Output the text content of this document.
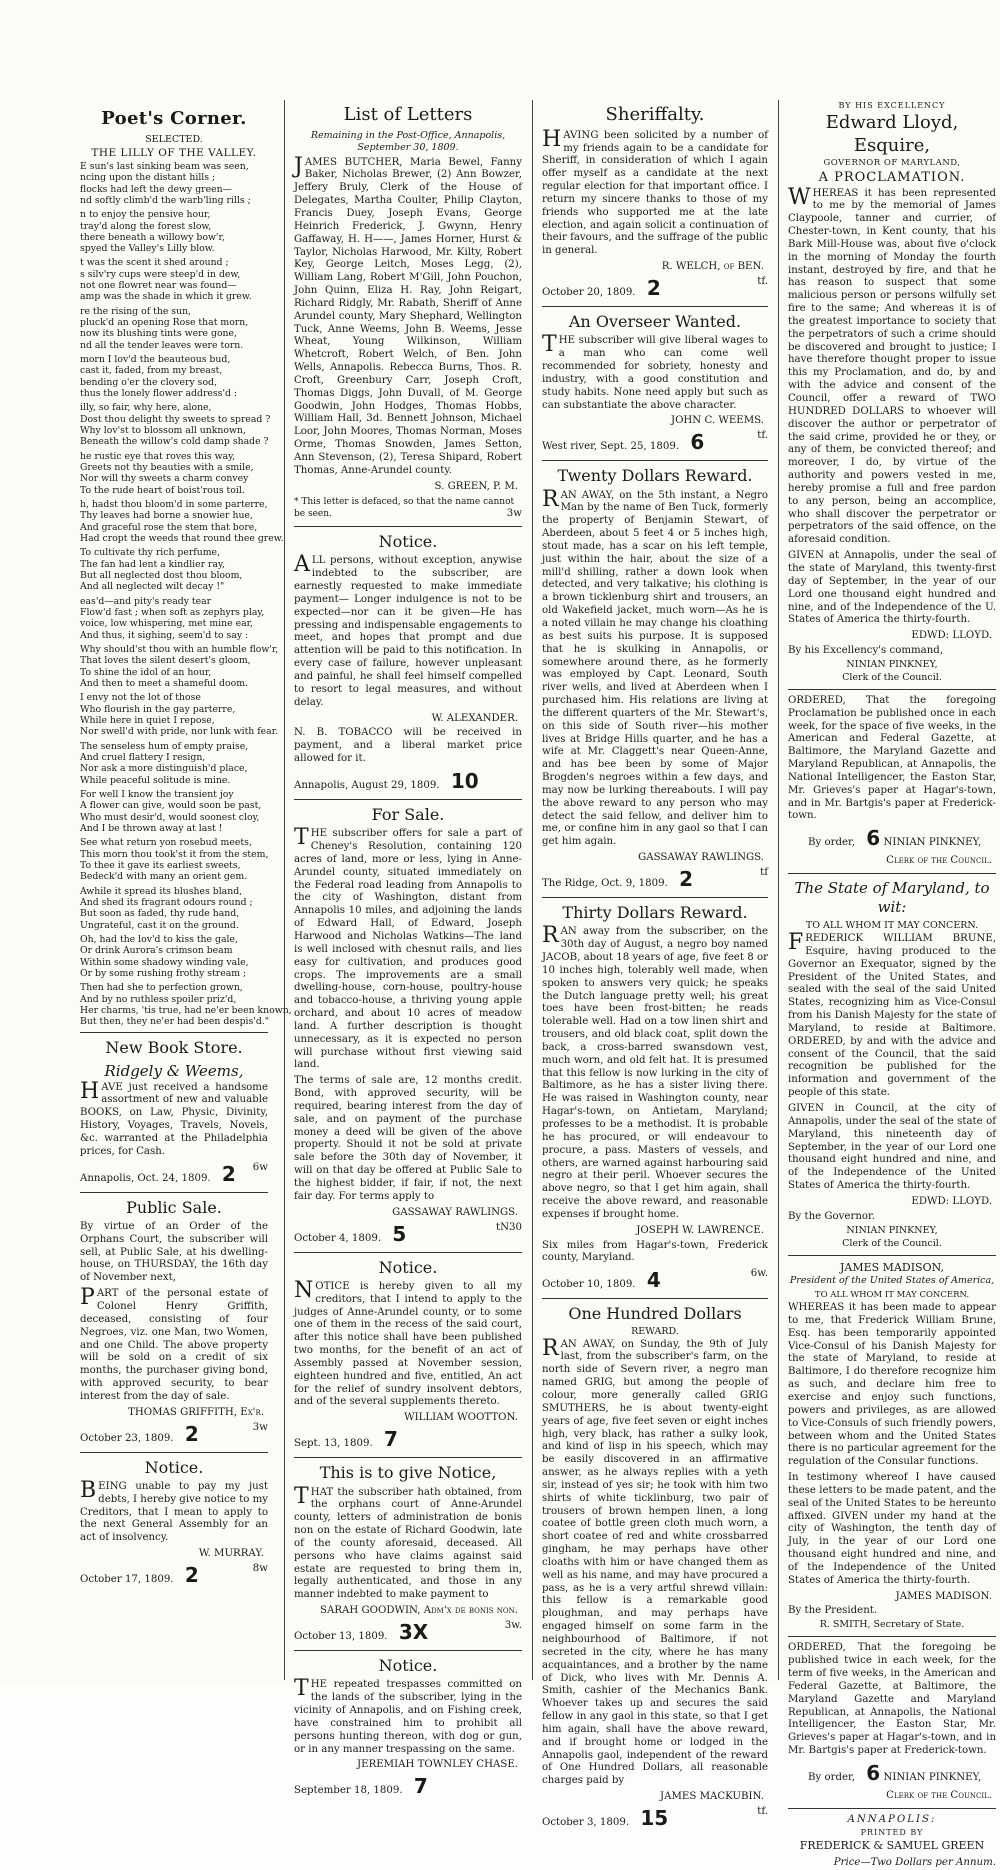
Poet's Corner.
SELECTED.
THE LILLY OF THE VALLEY.
E sun's last sinking beam was seen,
ncing upon the distant hills ;
flocks had left the dewy green—
nd softly climb'd the warb'ling rills ;

n to enjoy the pensive hour,
tray'd along the forest slow,
there beneath a willowy bow'r,
spyed the Valley's Lilly blow.

t was the scent it shed around ;
s silv'ry cups were steep'd in dew,
not one flowret near was found—
amp was the shade in which it grew.

re the rising of the sun,
pluck'd an opening Rose that morn,
now its blushing tints were gone,
nd all the tender leaves were torn.

morn I lov'd the beauteous bud,
cast it, faded, from my breast,
bending o'er the clovery sod,
thus the lonely flower address'd :

illy, so fair, why here, alone,
Dost thou delight thy sweets to spread ?
Why lov'st to blossom all unknown,
Beneath the willow's cold damp shade ?

he rustic eye that roves this way,
Greets not thy beauties with a smile,
Nor will thy sweets a charm convey
To the rude heart of boist'rous toil.

h, hadst thou bloom'd in some parterre,
Thy leaves had borne a snowier hue,
And graceful rose the stem that bore,
Had cropt the weeds that round thee grew.

To cultivate thy rich perfume,
The fan had lent a kindlier ray,
But all neglected dost thou bloom,
And all neglected wilt decay !"

eas'd—and pity's ready tear
Flow'd fast ; when soft as zephyrs play,
voice, low whispering, met mine ear,
And thus, it sighing, seem'd to say :

Why should'st thou with an humble flow'r,
That loves the silent desert's gloom,
To shine the idol of an hour,
And then to meet a shameful doom.

I envy not the lot of those
Who flourish in the gay parterre,
While here in quiet I repose,
Nor swell'd with pride, nor lunk with fear.

The senseless hum of empty praise,
And cruel flattery I resign,
Nor ask a more distinguish'd place,
While peaceful solitude is mine.

For well I know the transient joy
A flower can give, would soon be past,
Who must desir'd, would soonest cloy,
And I be thrown away at last !

See what return yon rosebud meets,
This morn thou took'st it from the stem,
To thee it gave its earliest sweets,
Bedeck'd with many an orient gem.

Awhile it spread its blushes bland,
And shed its fragrant odours round ;
But soon as faded, thy rude hand,
Ungrateful, cast it on the ground.

Oh, had the lov'd to kiss the gale,
Or drink Aurora's crimson beam
Within some shadowy winding vale,
Or by some rushing frothy stream ;

Then had she to perfection grown,
And by no ruthless spoiler priz'd,
Her charms, 'tis true, had ne'er been known,
But then, they ne'er had been despis'd."
New Book Store.
Ridgely & Weems,

HAVE just received a handsome assortment of new and valuable BOOKS, on Law, Physic, Divinity, History, Voyages, Travels, Novels, &c. warranted at the Philadelphia prices, for Cash.

Annapolis, Oct. 24, 1809. 2 6w
Public Sale.

By virtue of an Order of the Orphans Court, the subscriber will sell, at Public Sale, at his dwelling-house, on THURSDAY, the 16th day of November next,

PART of the personal estate of Colonel Henry Griffith, deceased, consisting of four Negroes, viz. one Man, two Women, and one Child. The above property will be sold on a credit of six months, the purchaser giving bond, with approved security, to bear interest from the day of sale.

THOMAS GRIFFITH, Ex'r.
October 23, 1809. 2	3w
Notice.

BEING unable to pay my just debts, I hereby give notice to my Creditors, that I mean to apply to the next General Assembly for an act of insolvency.

W. MURRAY.
October 17, 1809. 2	8w
List of Letters
Remaining in the Post-Office, Annapolis, September 30, 1809.

JAMES BUTCHER, Maria Bewel, Fanny Baker, Nicholas Brewer, (2) Ann Bowzer, Jeffery Bruly, Clerk of the House of Delegates, Martha Coulter, Philip Clayton, Francis Duey, Joseph Evans, George Heinrich Frederick, J. Gwynn, Henry Gaffaway, H. H——, James Horner, Hurst & Taylor, Nicholas Harwood, Mr. Kilty, Robert Key, George Leitch, Moses Legg, (2), William Lang, Robert M'Gill, John Pouchon, John Quinn, Eliza H. Ray, John Reigart, Richard Ridgly, Mr. Rabath, Sheriff of Anne Arundel county, Mary Shephard, Wellington Tuck, Anne Weems, John B. Weems, Jesse Wheat, Young Wilkinson, William Whetcroft, Robert Welch, of Ben. John Wells, Annapolis. Rebecca Burns, Thos. R. Croft, Greenbury Carr, Joseph Croft, Thomas Diggs, John Duvall, of M. George Goodwin, John Hodges, Thomas Hobbs, William Hall, 3d. Bennett Johnson, Michael Loor, John Moores, Thomas Norman, Moses Orme, Thomas Snowden, James Setton, Ann Stevenson, (2), Teresa Shipard, Robert Thomas, Anne-Arundel county.

S. GREEN, P. M.
* This letter is defaced, so that the name cannot be seen.	3w
Notice.

ALL persons, without exception, anywise indebted to the subscriber, are earnestly requested to make immediate payment— Longer indulgence is not to be expected—nor can it be given—He has pressing and indispensable engagements to meet, and hopes that prompt and due attention will be paid to this notification. In every case of failure, however unpleasant and painful, he shall feel himself compelled to resort to legal measures, and without delay.

W. ALEXANDER.

N. B. TOBACCO will be received in payment, and a liberal market price allowed for it.

Annapolis, August 29, 1809. 10
For Sale.

THE subscriber offers for sale a part of Cheney's Resolution, containing 120 acres of land, more or less, lying in Anne-Arundel county, situated immediately on the Federal road leading from Annapolis to the city of Washington, distant from Annapolis 10 miles, and adjoining the lands of Edward Hall, of Edward, Joseph Harwood and Nicholas Watkins—The land is well inclosed with chesnut rails, and lies easy for cultivation, and produces good crops. The improvements are a small dwelling-house, corn-house, poultry-house and tobacco-house, a thriving young apple orchard, and about 10 acres of meadow land. A further description is thought unnecessary, as it is expected no person will purchase without first viewing said land.

The terms of sale are, 12 months credit. Bond, with approved security, will be required, bearing interest from the day of sale, and on payment of the purchase money a deed will be given of the above property. Should it not be sold at private sale before the 30th day of November, it will on that day be offered at Public Sale to the highest bidder, if fair, if not, the next fair day. For terms apply to

GASSAWAY RAWLINGS.
October 4, 1809. 5	tN30
Notice.

NOTICE is hereby given to all my creditors, that I intend to apply to the judges of Anne-Arundel county, or to some one of them in the recess of the said court, after this notice shall have been published two months, for the benefit of an act of Assembly passed at November session, eighteen hundred and five, entitled, An act for the relief of sundry insolvent debtors, and of the several supplements thereto.

WILLIAM WOOTTON.
Sept. 13, 1809. 7
This is to give Notice,

THAT the subscriber hath obtained, from the orphans court of Anne-Arundel county, letters of administration de bonis non on the estate of Richard Goodwin, late of the county aforesaid, deceased. All persons who have claims against said estate are requested to bring them in, legally authenticated, and those in any manner indebted to make payment to

SARAH GOODWIN, Adm'x de bonis non.
October 13, 1809. 3X	3w.
Notice.

THE repeated trespasses committed on the lands of the subscriber, lying in the vicinity of Annapolis, and on Fishing creek, have constrained him to prohibit all persons hunting thereon, with dog or gun, or in any manner trespassing on the same.

JEREMIAH TOWNLEY CHASE.
September 18, 1809. 7
Sheriffalty.

HAVING been solicited by a number of my friends again to be a candidate for Sheriff, in consideration of which I again offer myself as a candidate at the next regular election for that important office. I return my sincere thanks to those of my friends who supported me at the late election, and again solicit a continuation of their favours, and the suffrage of the public in general.

R. WELCH, of BEN.
October 20, 1809. 2	tf.
An Overseer Wanted.

THE subscriber will give liberal wages to a man who can come well recommended for sobriety, honesty and industry, with a good constitution and study habits. None need apply but such as can substantiate the above character.

JOHN C. WEEMS.
West river, Sept. 25, 1809. 6	tf.
Twenty Dollars Reward.

RAN AWAY, on the 5th instant, a Negro Man by the name of Ben Tuck, formerly the property of Benjamin Stewart, of Aberdeen, about 5 feet 4 or 5 inches high, stout made, has a scar on his left temple, just within the hair, about the size of a mill'd shilling, rather a down look when detected, and very talkative; his clothing is a brown ticklenburg shirt and trousers, an old Wakefield jacket, much worn—As he is a noted villain he may change his cloathing as best suits his purpose. It is supposed that he is skulking in Annapolis, or somewhere around there, as he formerly was employed by Capt. Leonard, South river wells, and lived at Aberdeen when I purchased him. His relations are living at the different quarters of the Mr. Stewart's, on this side of South river—his mother lives at Bridge Hills quarter, and he has a wife at Mr. Claggett's near Queen-Anne, and has bee been by some of Major Brogden's negroes within a few days, and may now be lurking thereabouts. I will pay the above reward to any person who may detect the said fellow, and deliver him to me, or confine him in any gaol so that I can get him again.

GASSAWAY RAWLINGS.
The Ridge, Oct. 9, 1809. 2	tf
Thirty Dollars Reward.

RAN away from the subscriber, on the 30th day of August, a negro boy named JACOB, about 18 years of age, five feet 8 or 10 inches high, tolerably well made, when spoken to answers very quick; he speaks the Dutch language pretty well; his great toes have been frost-bitten; he reads tolerable well. Had on a tow linen shirt and trousers, and old black coat, split down the back, a cross-barred swansdown vest, much worn, and old felt hat. It is presumed that this fellow is now lurking in the city of Baltimore, as he has a sister living there. He was raised in Washington county, near Hagar's-town, on Antietam, Maryland; professes to be a methodist. It is probable he has procured, or will endeavour to procure, a pass. Masters of vessels, and others, are warned against harbouring said negro at their peril. Whoever secures the above negro, so that I get him again, shall receive the above reward, and reasonable expenses if brought home.

JOSEPH W. LAWRENCE.

Six miles from Hagar's-town, Frederick county, Maryland.

October 10, 1809. 4	6w.
One Hundred Dollars
REWARD.

RAN AWAY, on Sunday, the 9th of July last, from the subscriber's farm, on the north side of Severn river, a negro man named GRIG, but among the people of colour, more generally called GRIG SMUTHERS, he is about twenty-eight years of age, five feet seven or eight inches high, very black, has rather a sulky look, and kind of lisp in his speech, which may be easily discovered in an affirmative answer, as he always replies with a yeth sir, instead of yes sir; he took with him two shirts of white ticklinburg, two pair of trousers of brown hempen linen, a long coatee of bottle green cloth much worn, a short coatee of red and white crossbarred gingham, he may perhaps have other cloaths with him or have changed them as well as his name, and may have procured a pass, as he is a very artful shrewd villain: this fellow is a remarkable good ploughman, and may perhaps have engaged himself on some farm in the neighbourhood of Baltimore, if not secreted in the city, where he has many acquaintances, and a brother by the name of Dick, who lives with Mr. Dennis A. Smith, cashier of the Mechanics Bank. Whoever takes up and secures the said fellow in any gaol in this state, so that I get him again, shall have the above reward, and if brought home or lodged in the Annapolis gaol, independent of the reward of One Hundred Dollars, all reasonable charges paid by

JAMES MACKUBIN.
October 3, 1809. 15	tf.
BY HIS EXCELLENCY
Edward Lloyd, Esquire,
GOVERNOR OF MARYLAND,
A PROCLAMATION.

WHEREAS it has been represented to me by the memorial of James Claypoole, tanner and currier, of Chester-town, in Kent county, that his Bark Mill-House was, about five o'clock in the morning of Monday the fourth instant, destroyed by fire, and that he has reason to suspect that some malicious person or persons wilfully set fire to the same; And whereas it is of the greatest importance to society that the perpetrators of such a crime should be discovered and brought to justice; I have therefore thought proper to issue this my Proclamation, and do, by and with the advice and consent of the Council, offer a reward of TWO HUNDRED DOLLARS to whoever will discover the author or perpetrator of the said crime, provided he or they, or any of them, be convicted thereof; and moreover, I do, by virtue of the authority and powers vested in me, hereby promise a full and free pardon to any person, being an accomplice, who shall discover the perpetrator or perpetrators of the said offence, on the aforesaid condition.

GIVEN at Annapolis, under the seal of the state of Maryland, this twenty-first day of September, in the year of our Lord one thousand eight hundred and nine, and of the Independence of the U. States of America the thirty-fourth.

EDWD: LLOYD.
By his Excellency's command,
NINIAN PINKNEY,
Clerk of the Council.

ORDERED, That the foregoing Proclamation be published once in each week, for the space of five weeks, in the American and Federal Gazette, at Baltimore, the Maryland Gazette and Maryland Republican, at Annapolis, the National Intelligencer, the Easton Star, Mr. Grieves's paper at Hagar's-town, and in Mr. Bartgis's paper at Frederick-town.

By order, 6 NINIAN PINKNEY,
Clerk of the Council.
The State of Maryland, to wit:
TO ALL WHOM IT MAY CONCERN.

FREDERICK WILLIAM BRUNE, Esquire, having produced to the Governor an Exequator, signed by the President of the United States, and sealed with the seal of the said United States, recognizing him as Vice-Consul from his Danish Majesty for the state of Maryland, to reside at Baltimore. ORDERED, by and with the advice and consent of the Council, that the said recognition be published for the information and government of the people of this state.

GIVEN in Council, at the city of Annapolis, under the seal of the state of Maryland, this nineteenth day of September, in the year of our Lord one thousand eight hundred and nine, and of the Independence of the United States of America the thirty-fourth.

EDWD: LLOYD.
By the Governor.
NINIAN PINKNEY,
Clerk of the Council.
JAMES MADISON,
President of the United States of America,
TO ALL WHOM IT MAY CONCERN.

WHEREAS it has been made to appear to me, that Frederick William Brune, Esq. has been temporarily appointed Vice-Consul of his Danish Majesty for the state of Maryland, to reside at Baltimore, I do therefore recognize him as such, and declare him free to exercise and enjoy such functions, powers and privileges, as are allowed to Vice-Consuls of such friendly powers, between whom and the United States there is no particular agreement for the regulation of the Consular functions.

In testimony whereof I have caused these letters to be made patent, and the seal of the United States to be hereunto affixed. GIVEN under my hand at the city of Washington, the tenth day of July, in the year of our Lord one thousand eight hundred and nine, and of the Independence of the United States of America the thirty-fourth.

JAMES MADISON.
By the President.
R. SMITH, Secretary of State.

ORDERED, That the foregoing be published twice in each week, for the term of five weeks, in the American and Federal Gazette, at Baltimore, the Maryland Gazette and Maryland Republican, at Annapolis, the National Intelligencer, the Easton Star, Mr. Grieves's paper at Hagar's-town, and in Mr. Bartgis's paper at Frederick-town.

By order, 6 NINIAN PINKNEY,
Clerk of the Council.
ANNAPOLIS:
PRINTED BY
FREDERICK & SAMUEL GREEN
Price—Two Dollars per Annum.
